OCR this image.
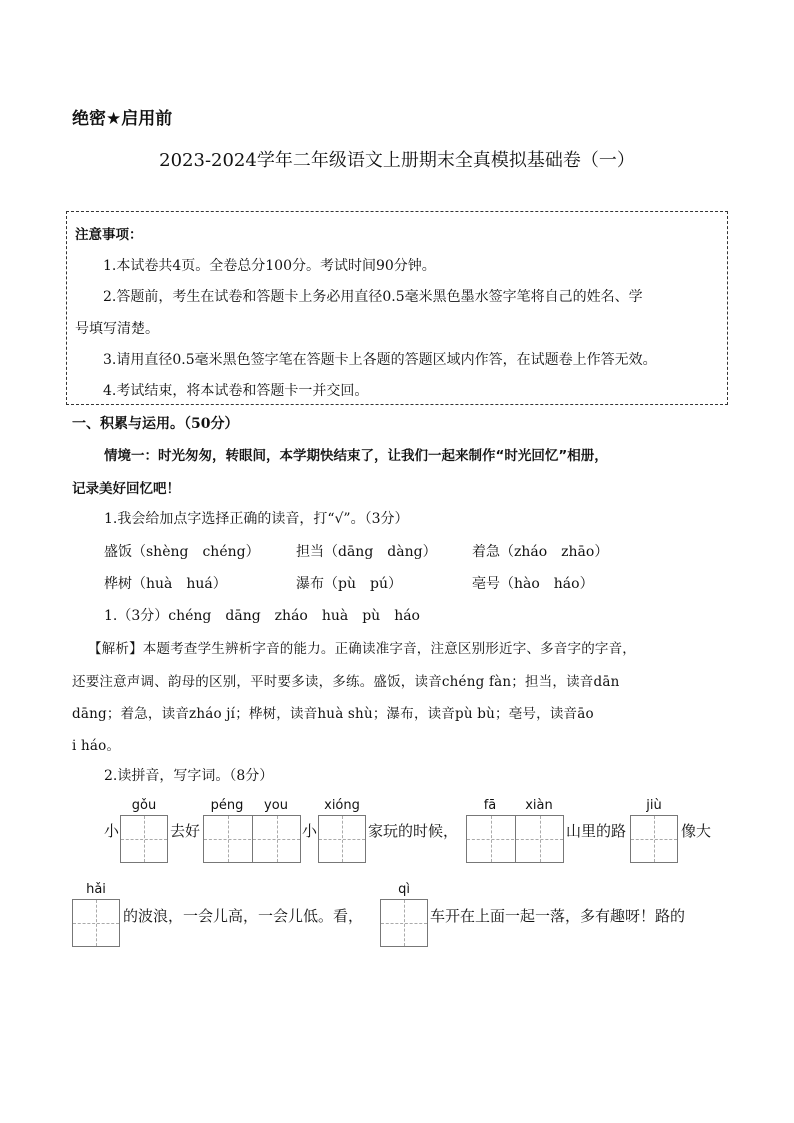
绝密★启用前
2023-2024学年二年级语文上册期末全真模拟基础卷（一）
注意事项：
1.本试卷共4页。全卷总分100分。考试时间90分钟。
2.答题前，考生在试卷和答题卡上务必用直径0.5毫米黑色墨水签字笔将自己的姓名、学
号填写清楚。
3.请用直径0.5毫米黑色签字笔在答题卡上各题的答题区域内作答，在试题卷上作答无效。
4.考试结束，将本试卷和答题卡一并交回。
一、积累与运用。（50分）
情境一：时光匆匆，转眼间，本学期快结束了，让我们一起来制作“时光回忆”相册，
记录美好回忆吧！
1.我会给加点字选择正确的读音，打“√”。（3分）
盛饭（shèng　chéng）	担当（dāng　dàng）	着急（zháo　zhāo）
桦树（huà　huá）	瀑布（pù　pú）	亳号（hào　háo）
1.（3分）chéng　dāng　zháo　huà　pù　háo
【解析】本题考查学生辨析字音的能力。正确读准字音，注意区别形近字、多音字的字音，
还要注意声调、韵母的区别，平时要多读，多练。盛饭，读音chéng fàn；担当，读音dān
dāng；着急，读音zháo jí；桦树，读音huà shù；瀑布，读音pù bù；亳号，读音āo
i háo。
2.读拼音，写字词。（8分）
gǒu	péng	you	xióng	fā	xiàn	jiù
小	去好	小	家玩的时候，	山里的路	像大
hǎi	qì
的波浪，一会儿高，一会儿低。看，	车开在上面一起一落，多有趣呀！路的
